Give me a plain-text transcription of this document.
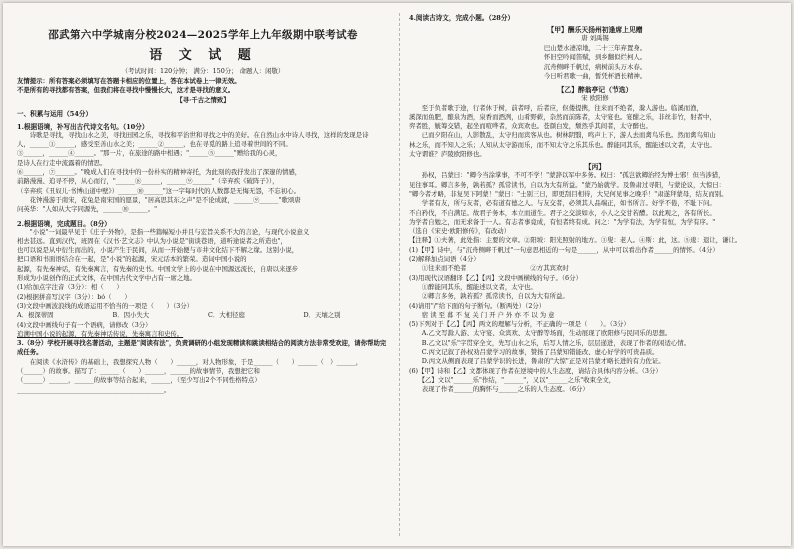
邵武第六中学城南分校2024—2025学年上九年级期中联考试卷

语 文 试 题

（考试时间：120分钟； 满分：150分； 命题人：闲敬）

友情提示：所有答案必须填写在答题卡相应的位置上，答在本试卷上一律无效。

不是所有的寻找都有答案，但我们将在寻找中慢慢长大，这才是寻找的意义。

【寻·千古之情致】

一、积累与运用（54分）

1.根据语境，补写出古代诗文名句。（10分）

　　诗歌是寻找，寻找山水之美，寻找田园之乐，寻找和平治世和寻找之中的美好。在自然山水中诗人寻找，这样的发现是诗

人，______①______，感受至善山水之美；______②______，也在寻觅的路上追寻着世间的不同。

③______，______④______。"那一片，在旅途的路中相遇；"______⑤______"赠给我的心灵，

是诗人在行走中流露着的情思。

⑥______，⑦______。"晚成人们在寻找中的一份朴实的精神寄托，为此刻的我抒发出了深邃的情感，

前路漫漫、追寻不停，从心而行，"______⑧______，______⑨______"（辛弃疾《破阵子》），

（辛弃疾《丑奴儿·书博山道中壁》）______⑩______"这一字每时代的人数都是无悔无怨，不忘初心。

　　花钟漫游于南宋，花兔是南宋国的愿景，"居高思其东之声"是不论成就，______⑨______"歌颂唐

问英华："人如从大字同源先，______⑩______。"

2.根据语境，完成题目。（8分）

　　"小说"一词最早见于《庄子·外物》，是指一些篇幅短小并且与宏旨关系不大的言论，与现代小说意义

相去甚远。直到汉代，班固在《汉书·艺文志》中认为小说是"街谈巷语，道听途说者之所造也"，

也可以说是从中衍生而出的，小说产生于民间，从而一开始便与市井文化结下不解之缘。这别小说，

把口语和书面语结合在一起，是"小说"的起源，宋元话本的繁荣。造词中国小说的

起源，有先秦神话，有先秦寓言，有先秦的史书。中国文学上的小说在中国源远流长，自唐以来逐步

形成为小说创作的正式文体，在中国古代文学中占有一席之地。

(1)给加点字注音（3分）：相（　　）

(2)根据拼音写汉字（3分）：bó（　　）

(3)文段中画波浪线的成语运用不恰当的一项是（　　）（3分）

A．根深蒂固	B．因小失大	C．大相径庭	D．天壤之别

(4)文段中画线句子有一个语病，请修改（3分）

追溯中国小说的起源，有先秦神话传说，先秦寓言和史传。

3.（8分）学校开展寻找名著活动，主题是"阅读有法"，负责调研的小组发现精读和跳读相结合的阅读方法非常受欢迎，请你帮助完成任务。

　　在阅读《水浒传》的基础上，我想探究人物（　　）______，对人物形象，于是______（　　）______（　）______，

（______）的故事。描写了：______（　　）______，______的故事情节，我想把它和

（______）______，______的故事等结合起来，______，（至少写出2个不同性格特点）

______________________________________________。

4.阅读古诗文，完成小题。（28分）

【甲】酬乐天扬州初逢席上见赠

唐 刘禹锡

巴山楚水凄凉地，二十三年弃置身。

怀旧空吟闻笛赋，到乡翻似烂柯人。

沉舟侧畔千帆过，病树前头万木春。

今日听君歌一曲，暂凭杯酒长精神。

【乙】醉翁亭记（节选）

宋 欧阳修

　　至于负者歌于途，行者休于树，前者呼，后者应，伛偻提携，往来而不绝者，滁人游也。临溪而渔，

溪深而鱼肥，酿泉为酒，泉香而酒洌，山肴野蔌，杂然而前陈者，太守宴也。宴酣之乐，非丝非竹，射者中，

弈者胜，觥筹交错，起坐而喧哗者，众宾欢也。苍颜白发，颓然乎其间者，太守醉也。

　　已而夕阳在山，人影散乱，太守归而宾客从也。树林阴翳，鸣声上下，游人去而禽鸟乐也。然而禽鸟知山

林之乐，而不知人之乐；人知从太守游而乐，而不知太守之乐其乐也。醉能同其乐，醒能述以文者，太守也。

太守谓谁？庐陵欧阳修也。

【丙】

　　孙权，吕蒙曰："卿今当涂掌事，不可不学！"蒙辞以军中多务。权曰："孤岂欲卿治经为博士邪！但当涉猎，

见往事耳。卿言多务，孰若孤？孤常读书，自以为大有所益。"蒙乃始就学。及鲁肃过寻阳，与蒙论议，大惊曰：

"卿今者才略，非复吴下阿蒙！"蒙曰："士别三日，即更刮目相待，大兄何见事之晚乎！"肃遂拜蒙母，结友而别。

　　学者有友，所与友者，必有道有德之人。与友交者，必须其人品端正，如书所言。好学不倦，不耻下问。

不自矜伐，不自满足。故君子务本，本立而道生。君子之交淡如水，小人之交甘若醴。以此观之，各有所长。

为学者自勉之，而无求备于一人。有志者事竟成，有恒者终有成。问之："为学有法，为学有恒，为学有序。"

（选自《宋史·欧阳修传》，有改动）

【注释】①夫著，此处指：主要的文章。②阳坡：阳光照射的地方。③叟：老人。④斯：此，这。⑤逡：退让，谦让。

(1)【甲】诗中，与"沉舟侧畔千帆过"一句意思相近的一句是______，从中可以看出作者______的情怀。（4分）

(2)解释加点词语（4分）

　　①往来而不绝者　　　　　　　　　　②方其宾欢时

(3)用现代汉语翻译【乙】【丙】文段中画横线的句子。（6分）

　　①醉能同其乐，醒能述以文者，太守也。

　　②卿言多务，孰若孤？孤常读书，自以为大有所益。

(4)请用"/"给下面的句子断句。（断两处）（2分）

　　宿 读 至 暮 不 复 关 门 开 户 外 亦 不 以 为 意

(5)下列对于【乙】【丙】两文的理解与分析，不正确的一项是（　　）。（3分）

　　A.乙文写滁人游、太守宴、众宾欢、太守醉等场面，生动展现了欧阳修与民同乐的思想。

　　B.乙文以"乐"字贯穿全文，先写山水之乐，后写人情之乐，层层递进，表现了作者的闲适心情。

　　C.丙文记叙了孙权劝吕蒙学习的故事，赞扬了吕蒙知错能改、虚心好学的可贵品质。

　　D.丙文从侧面表现了吕蒙学识的长进，鲁肃的"大惊"正是对吕蒙才略长进的有力佐证。

(6)【甲】诗和【乙】文都体现了作者在逆境中的人生态度，请结合具体内容分析。（3分）

　　【乙】文以"______乐"作结，"______"，又以"______之乐"收束全文，

　　表现了作者______的胸怀与______之乐的人生态度。（6分）
